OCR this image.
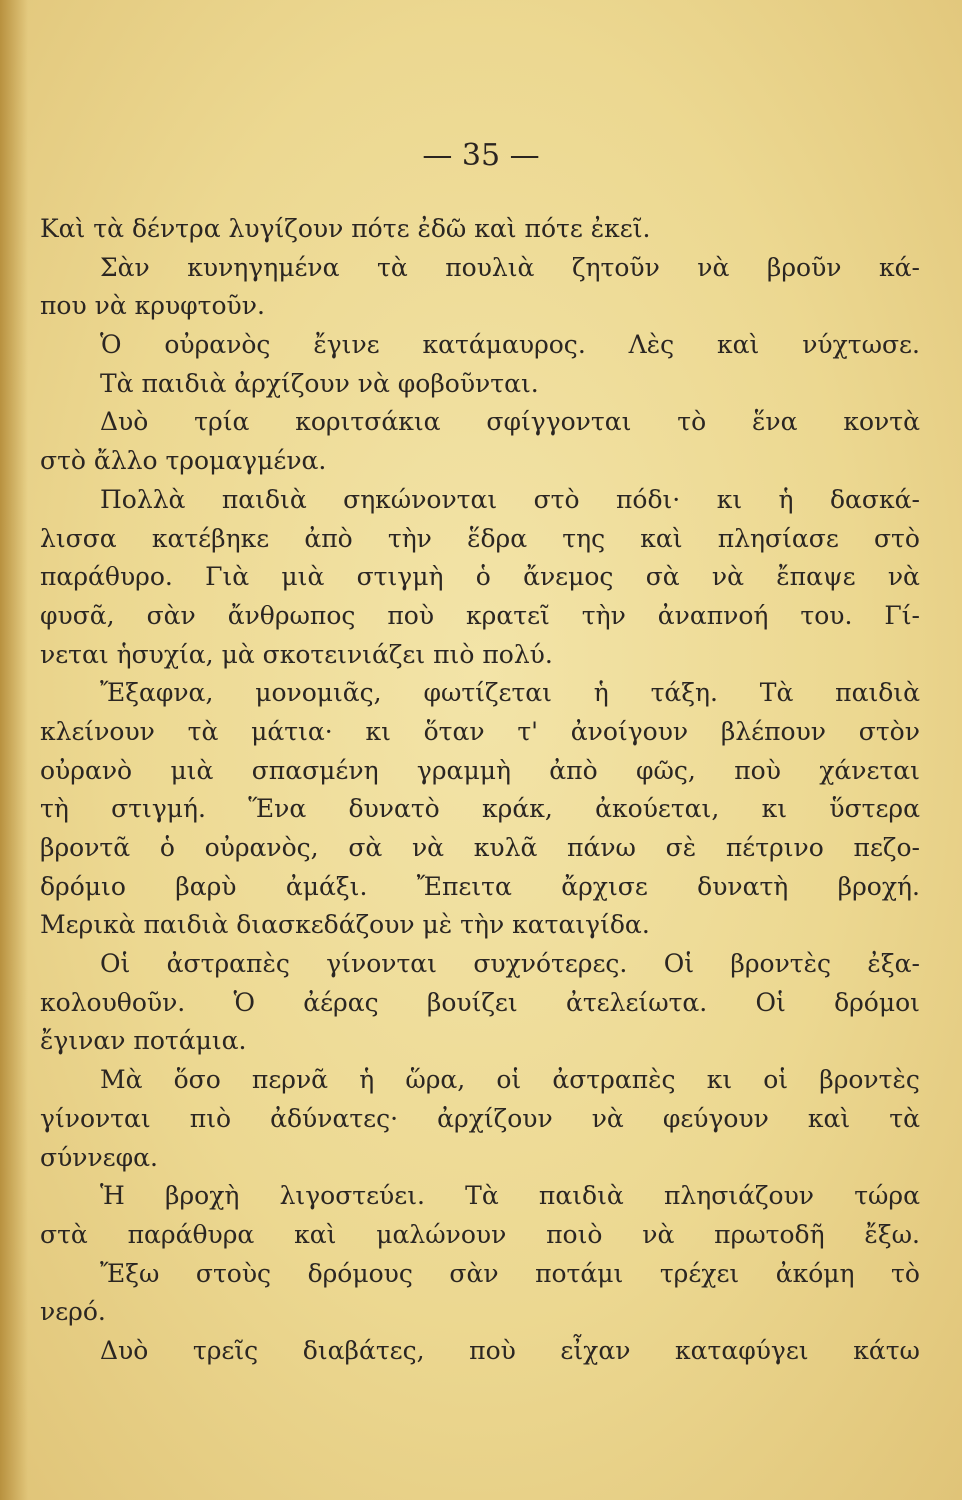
— 35 —
Καὶ τὰ δέντρα λυγίζουν πότε ἐδῶ καὶ πότε ἐκεῖ.
Σὰν κυνηγημένα τὰ πουλιὰ ζητοῦν νὰ βροῦν κά-
που νὰ κρυφτοῦν.
Ὁ οὐρανὸς ἔγινε κατάμαυρος. Λὲς καὶ νύχτωσε.
Τὰ παιδιὰ ἀρχίζουν νὰ φοβοῦνται.
Δυὸ τρία κοριτσάκια σφίγγονται τὸ ἕνα κοντὰ
στὸ ἄλλο τρομαγμένα.
Πολλὰ παιδιὰ σηκώνονται στὸ πόδι· κι ἡ δασκά-
λισσα κατέβηκε ἀπὸ τὴν ἕδρα της καὶ πλησίασε στὸ
παράθυρο. Γιὰ μιὰ στιγμὴ ὁ ἄνεμος σὰ νὰ ἔπαψε νὰ
φυσᾶ, σὰν ἄνθρωπος ποὺ κρατεῖ τὴν ἀναπνοή του. Γί-
νεται ἡσυχία, μὰ σκοτεινιάζει πιὸ πολύ.
Ἔξαφνα, μονομιᾶς, φωτίζεται ἡ τάξη. Τὰ παιδιὰ
κλείνουν τὰ μάτια· κι ὅταν τ' ἀνοίγουν βλέπουν στὸν
οὐρανὸ μιὰ σπασμένη γραμμὴ ἀπὸ φῶς, ποὺ χάνεται
τὴ στιγμή. Ἕνα δυνατὸ κράκ, ἀκούεται, κι ὕστερα
βροντᾶ ὁ οὐρανὸς, σὰ νὰ κυλᾶ πάνω σὲ πέτρινο πεζο-
δρόμιο βαρὺ ἀμάξι. Ἔπειτα ἄρχισε δυνατὴ βροχή.
Μερικὰ παιδιὰ διασκεδάζουν μὲ τὴν καταιγίδα.
Οἱ ἀστραπὲς γίνονται συχνότερες. Οἱ βροντὲς ἐξα-
κολουθοῦν. Ὁ ἀέρας βουίζει ἀτελείωτα. Οἱ δρόμοι
ἔγιναν ποτάμια.
Μὰ ὅσο περνᾶ ἡ ὥρα, οἱ ἀστραπὲς κι οἱ βροντὲς
γίνονται πιὸ ἀδύνατες· ἀρχίζουν νὰ φεύγουν καὶ τὰ
σύννεφα.
Ἡ βροχὴ λιγοστεύει. Τὰ παιδιὰ πλησιάζουν τώρα
στὰ παράθυρα καὶ μαλώνουν ποιὸ νὰ πρωτοδῆ ἔξω.
Ἔξω στοὺς δρόμους σὰν ποτάμι τρέχει ἀκόμη τὸ
νερό.
Δυὸ τρεῖς διαβάτες, ποὺ εἶχαν καταφύγει κάτω
